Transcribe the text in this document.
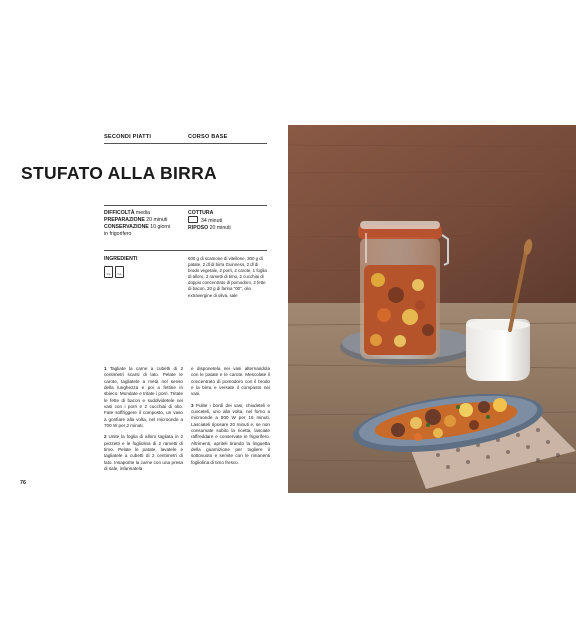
SECONDI PIATTI	CORSO BASE
STUFATO ALLA BIRRA
DIFFICOLTÀ media
PREPARAZIONE 20 minuti
CONSERVAZIONE 10 giorni
in frigorifero
COTTURA
34 minuti
RIPOSO 20 minuti
INGREDIENTI
¾L	¾L
600 g di scamone di vitellone, 300 g di patate, 2 dl di birra Guinness, 2 dl di brodo vegetale, 2 porri, 2 carote, 1 foglia di alloro, 2 rametti di timo, 2 cucchiai di doppio concentrato di pomodoro, 2 fette di bacon, 20 g di farina "00", olio extravergine di oliva, sale

1 Tagliate la carne a cubetti di 2 centimetri scarsi di lato. Pelate le carote, tagliatele a metà nel senso della lunghezza e poi a fettine in sbieco. Mondate e tritate i porri. Tritate le fette di bacon e suddividetele nei vasi con i porri e 2 cucchiai di olio. Fate soffriggere il composto, un vaso a gonfiare alla volta, nel microonde a 700 W per 2 minuti.

2 Unite la foglia di alloro tagliata in 2 pezzetti e le fogliolina di 2 rametti di timo. Pelate le patate, lavatele e tagliatele a cubetti di 2 centimetri di lato. Insaporite la carne con una presa di sale, infarinatela

e disponetela nei vasi alternandola con le patate e le carote. Mescolate il concentrato di pomodoro con il brodo e la birra e versate il composto nei vasi.

3 Pulite i bordi dei vasi, chiudeteli e cuoceteli, uno alla volta, nel forno a microonde a 800 W per 16 minuti. Lasciateli riposare 20 minuti e, se non consumate subito la ricetta, lasciate raffreddare e conservate in frigorifero. Altrimenti, apriteli tirando la linguetta della guarnizione per togliere il sottovuoto e servite con le rimanenti fogliolina di timo fresco.

76
